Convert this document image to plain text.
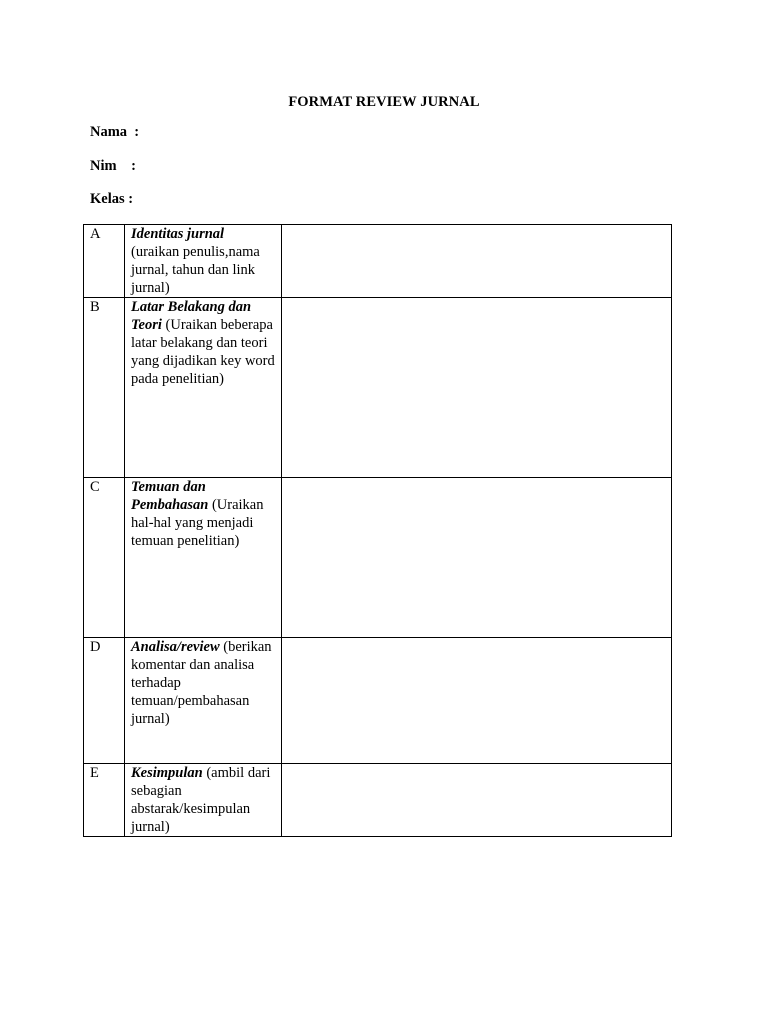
FORMAT REVIEW JURNAL
Nama  :
Nim    :
Kelas :
A	Identitas jurnal (uraikan penulis,nama jurnal, tahun dan link jurnal)	
B	Latar Belakang dan Teori (Uraikan beberapa latar belakang dan teori yang dijadikan key word pada penelitian)	
C	Temuan dan Pembahasan (Uraikan hal-hal yang menjadi temuan penelitian)	
D	Analisa/review (berikan komentar dan analisa terhadap temuan/pembahasan jurnal)	
E	Kesimpulan (ambil dari sebagian abstarak/kesimpulan jurnal)	
